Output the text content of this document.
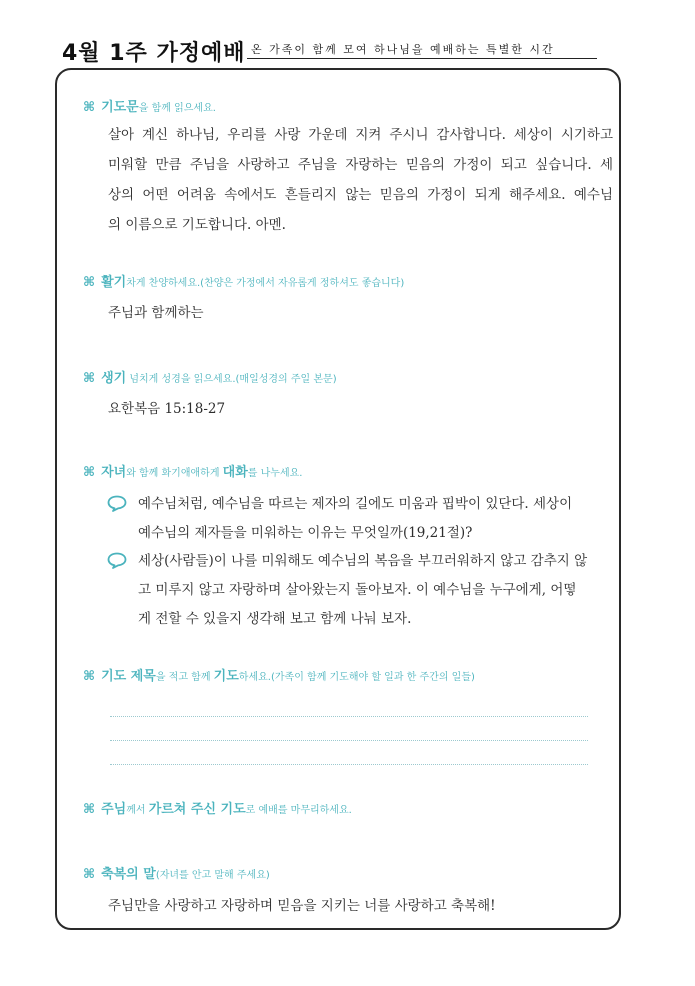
4월 1주 가정예배 온 가족이 함께 모여 하나님을 예배하는 특별한 시간
⌘ 기도문을 함께 읽으세요.
살아 계신 하나님, 우리를 사랑 가운데 지켜 주시니 감사합니다. 세상이 시기하고
미워할 만큼 주님을 사랑하고 주님을 자랑하는 믿음의 가정이 되고 싶습니다. 세
상의 어떤 어려움 속에서도 흔들리지 않는 믿음의 가정이 되게 해주세요. 예수님
의 이름으로 기도합니다. 아멘.
⌘ 활기차게 찬양하세요.(찬양은 가정에서 자유롭게 정하셔도 좋습니다)
주님과 함께하는
⌘ 생기 넘치게 성경을 읽으세요.(매일성경의 주일 본문)
요한복음 15:18-27
⌘ 자녀와 함께 화기애애하게 대화를 나누세요.
예수님처럼, 예수님을 따르는 제자의 길에도 미움과 핍박이 있단다. 세상이
예수님의 제자들을 미워하는 이유는 무엇일까(19,21절)?
세상(사람들)이 나를 미워해도 예수님의 복음을 부끄러워하지 않고 감추지 않
고 미루지 않고 자랑하며 살아왔는지 돌아보자. 이 예수님을 누구에게, 어떻
게 전할 수 있을지 생각해 보고 함께 나눠 보자.
⌘ 기도 제목을 적고 함께 기도하세요.(가족이 함께 기도해야 할 일과 한 주간의 일들)
⌘ 주님께서 가르쳐 주신 기도로 예배를 마무리하세요.
⌘ 축복의 말(자녀를 안고 말해 주세요)
주님만을 사랑하고 자랑하며 믿음을 지키는 너를 사랑하고 축복해!
